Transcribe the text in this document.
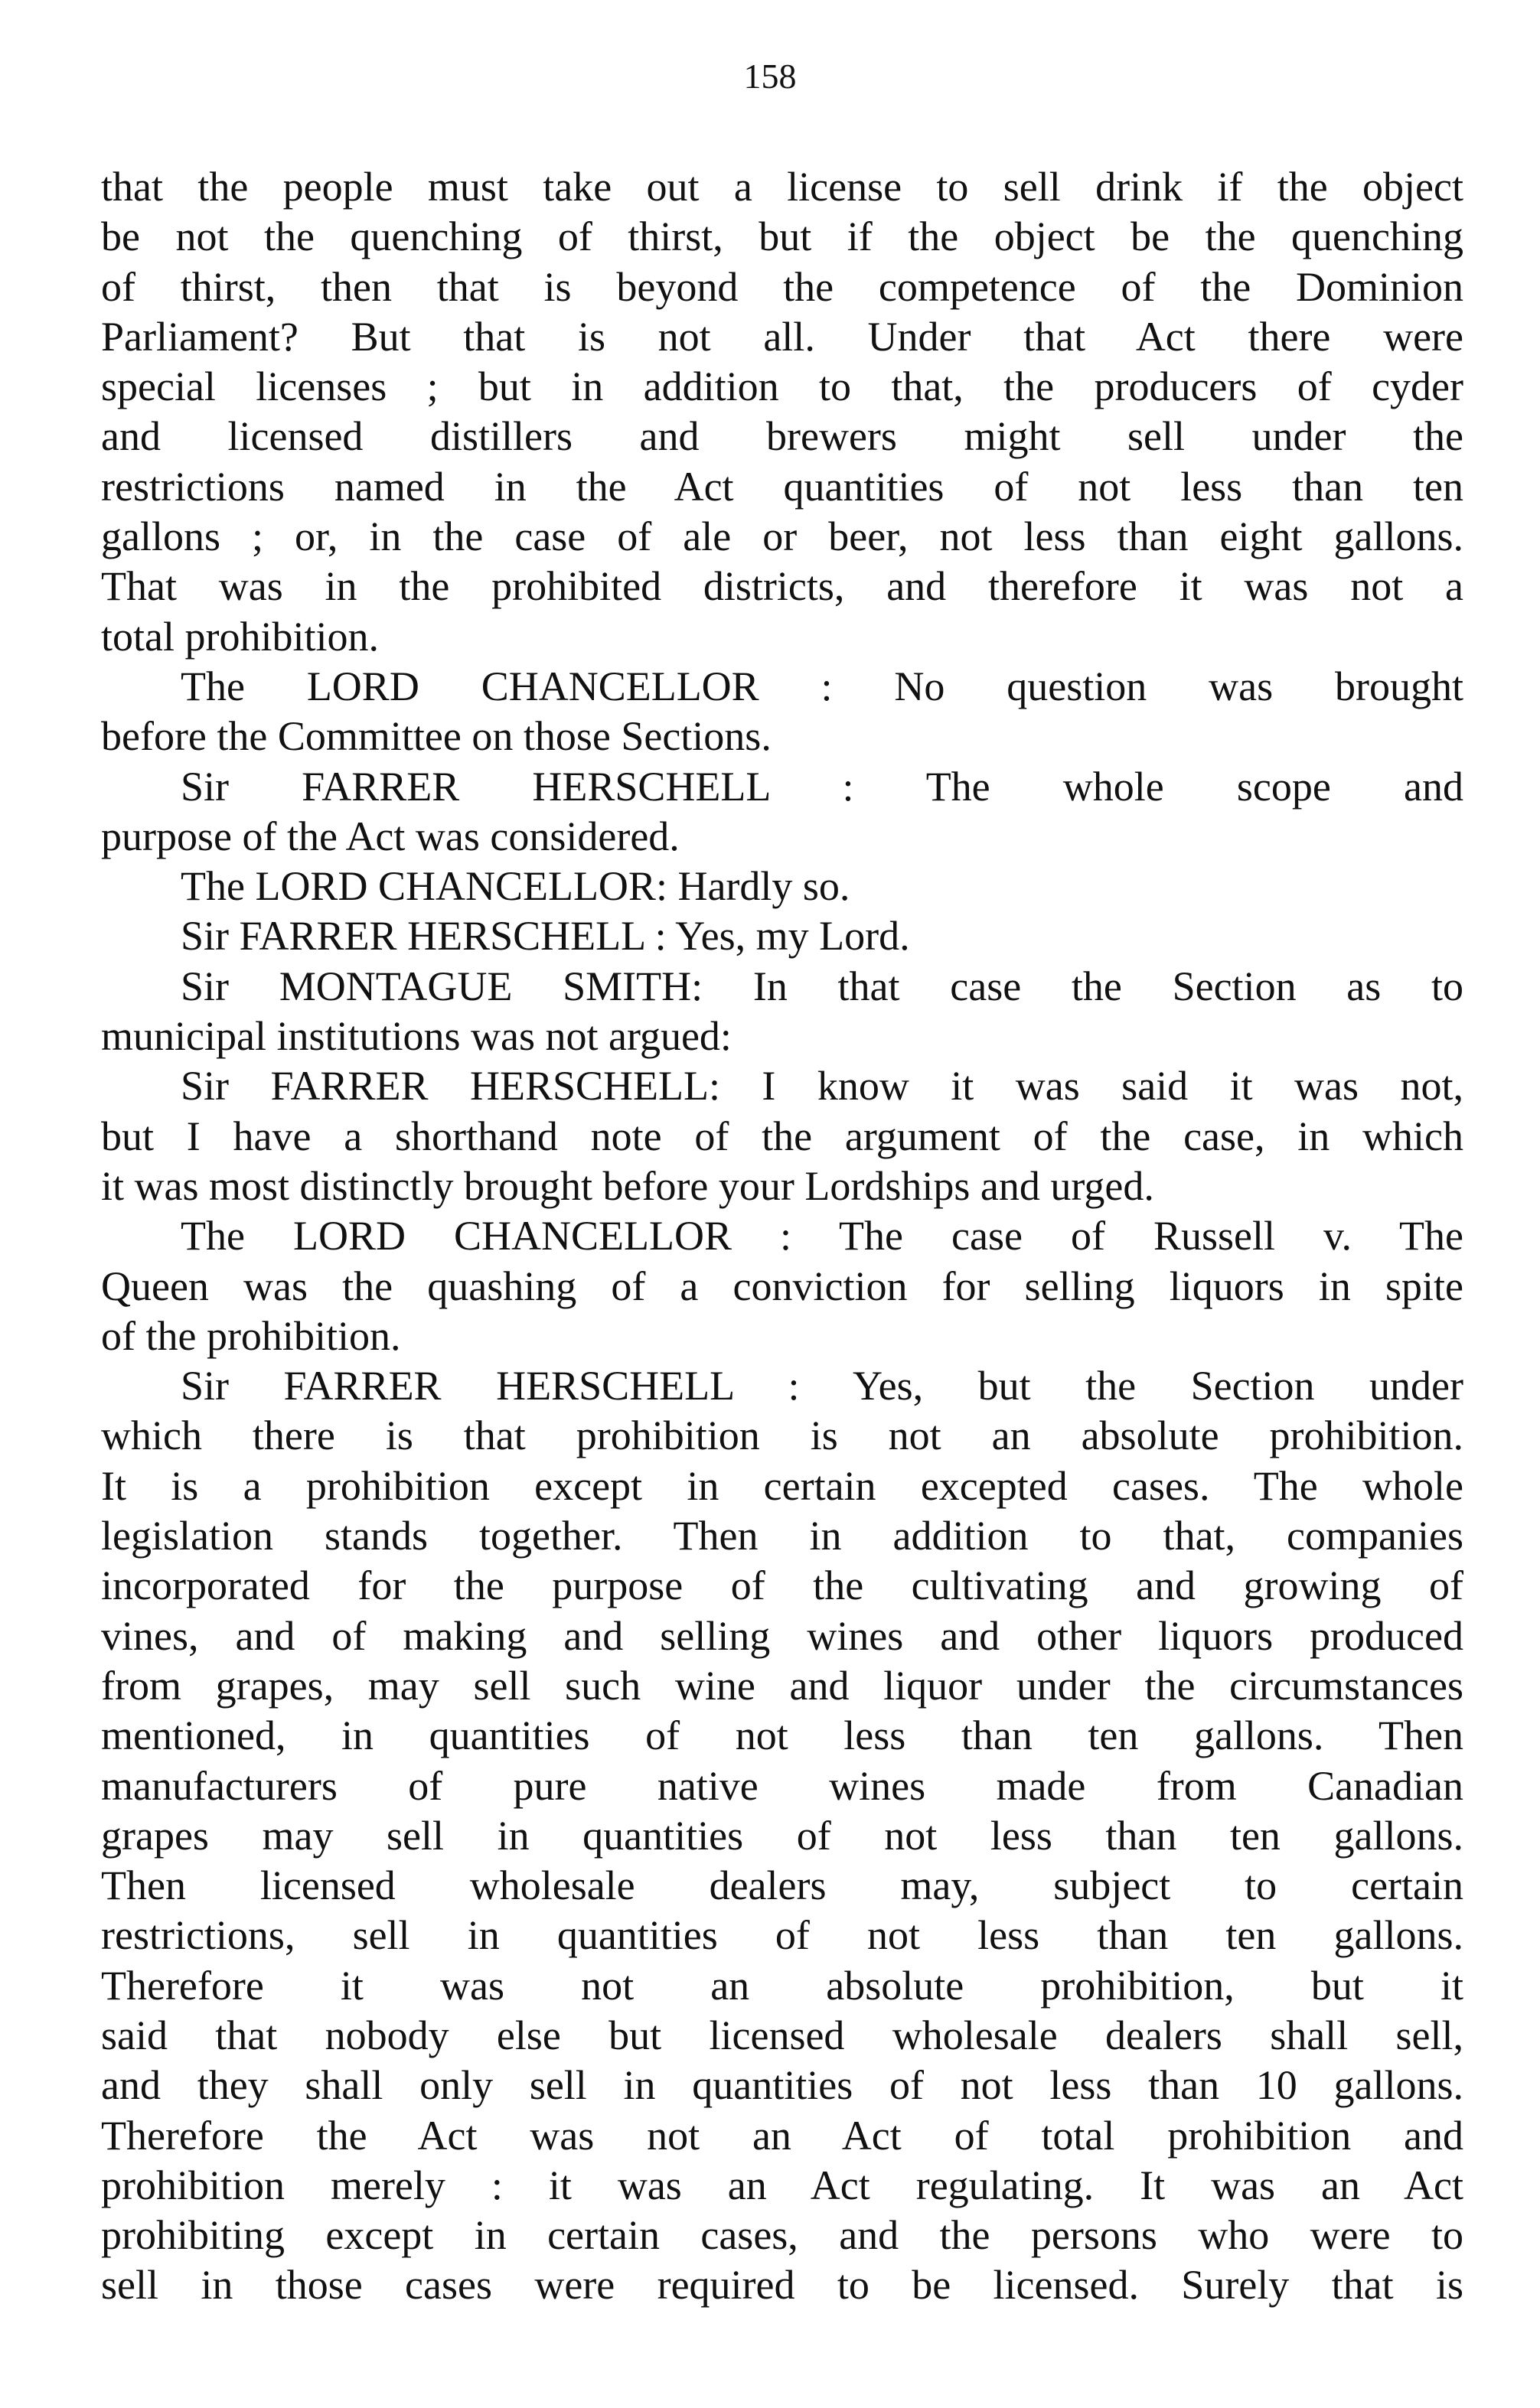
158
that the people must take out a license to sell drink if the object
be not the quenching of thirst, but if the object be the quenching
of thirst, then that is beyond the competence of the Dominion
Parliament? But that is not all. Under that Act there were
special licenses ; but in addition to that, the producers of cyder
and licensed distillers and brewers might sell under the
restrictions named in the Act quantities of not less than ten
gallons ; or, in the case of ale or beer, not less than eight gallons.
That was in the prohibited districts, and therefore it was not a
total prohibition.
The LORD CHANCELLOR : No question was brought
before the Committee on those Sections.
Sir FARRER HERSCHELL : The whole scope and
purpose of the Act was considered.
The LORD CHANCELLOR: Hardly so.
Sir FARRER HERSCHELL : Yes, my Lord.
Sir MONTAGUE SMITH: In that case the Section as to
municipal institutions was not argued:
Sir FARRER HERSCHELL: I know it was said it was not,
but I have a shorthand note of the argument of the case, in which
it was most distinctly brought before your Lordships and urged.
The LORD CHANCELLOR : The case of Russell v. The
Queen was the quashing of a conviction for selling liquors in spite
of the prohibition.
Sir FARRER HERSCHELL : Yes, but the Section under
which there is that prohibition is not an absolute prohibition.
It is a prohibition except in certain excepted cases. The whole
legislation stands together. Then in addition to that, companies
incorporated for the purpose of the cultivating and growing of
vines, and of making and selling wines and other liquors produced
from grapes, may sell such wine and liquor under the circumstances
mentioned, in quantities of not less than ten gallons. Then
manufacturers of pure native wines made from Canadian
grapes may sell in quantities of not less than ten gallons.
Then licensed wholesale dealers may, subject to certain
restrictions, sell in quantities of not less than ten gallons.
Therefore it was not an absolute prohibition, but it
said that nobody else but licensed wholesale dealers shall sell,
and they shall only sell in quantities of not less than 10 gallons.
Therefore the Act was not an Act of total prohibition and
prohibition merely : it was an Act regulating. It was an Act
prohibiting except in certain cases, and the persons who were to
sell in those cases were required to be licensed. Surely that is
